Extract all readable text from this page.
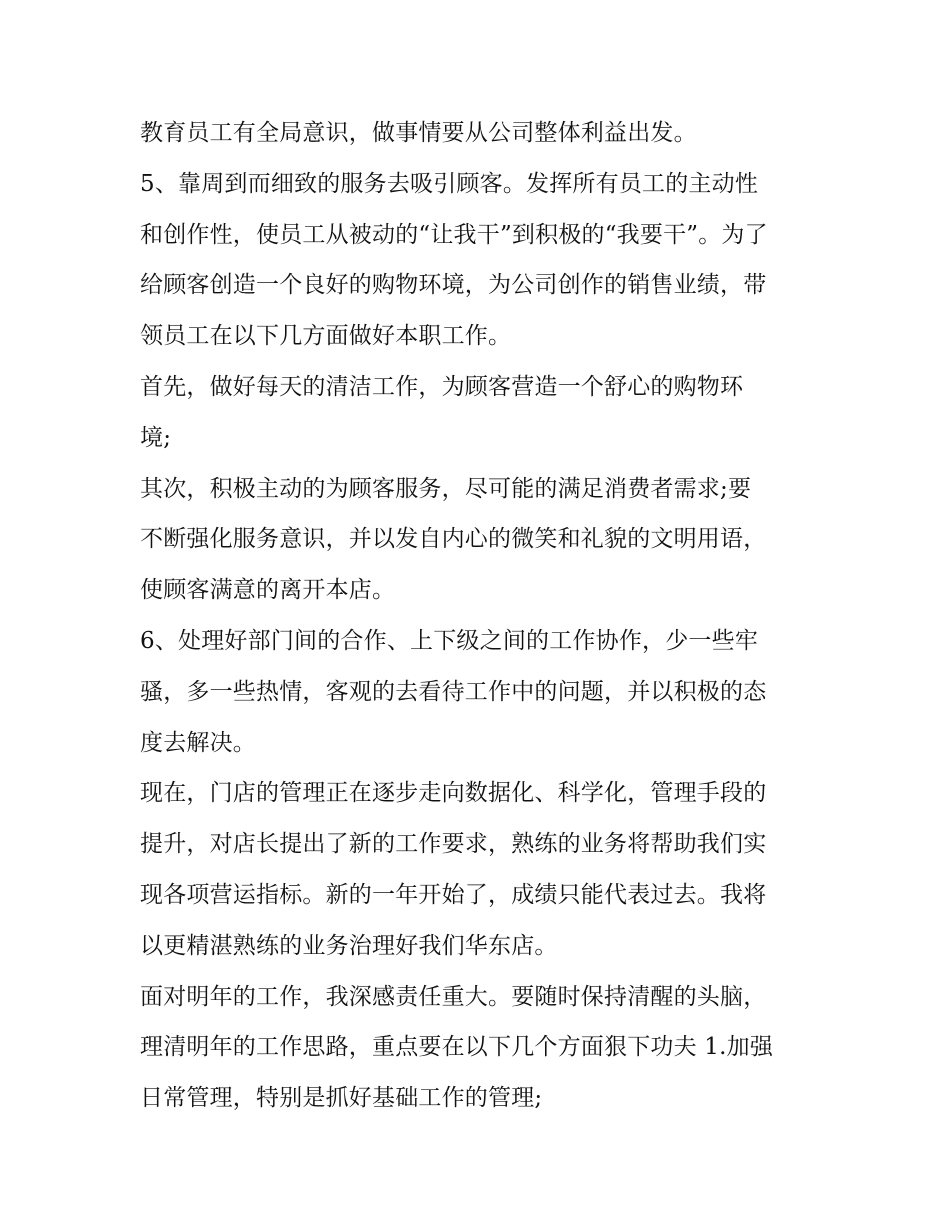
教育员工有全局意识，做事情要从公司整体利益出发。
5、靠周到而细致的服务去吸引顾客。发挥所有员工的主动性
和创作性，使员工从被动的“让我干”到积极的“我要干”。为了
给顾客创造一个良好的购物环境，为公司创作的销售业绩，带
领员工在以下几方面做好本职工作。
首先，做好每天的清洁工作，为顾客营造一个舒心的购物环
境;
其次，积极主动的为顾客服务，尽可能的满足消费者需求;要
不断强化服务意识，并以发自内心的微笑和礼貌的文明用语，
使顾客满意的离开本店。
6、处理好部门间的合作、上下级之间的工作协作，少一些牢
骚，多一些热情，客观的去看待工作中的问题，并以积极的态
度去解决。
现在，门店的管理正在逐步走向数据化、科学化，管理手段的
提升，对店长提出了新的工作要求，熟练的业务将帮助我们实
现各项营运指标。新的一年开始了，成绩只能代表过去。我将
以更精湛熟练的业务治理好我们华东店。
面对明年的工作，我深感责任重大。要随时保持清醒的头脑，
理清明年的工作思路，重点要在以下几个方面狠下功夫 1.加强
日常管理，特别是抓好基础工作的管理;
